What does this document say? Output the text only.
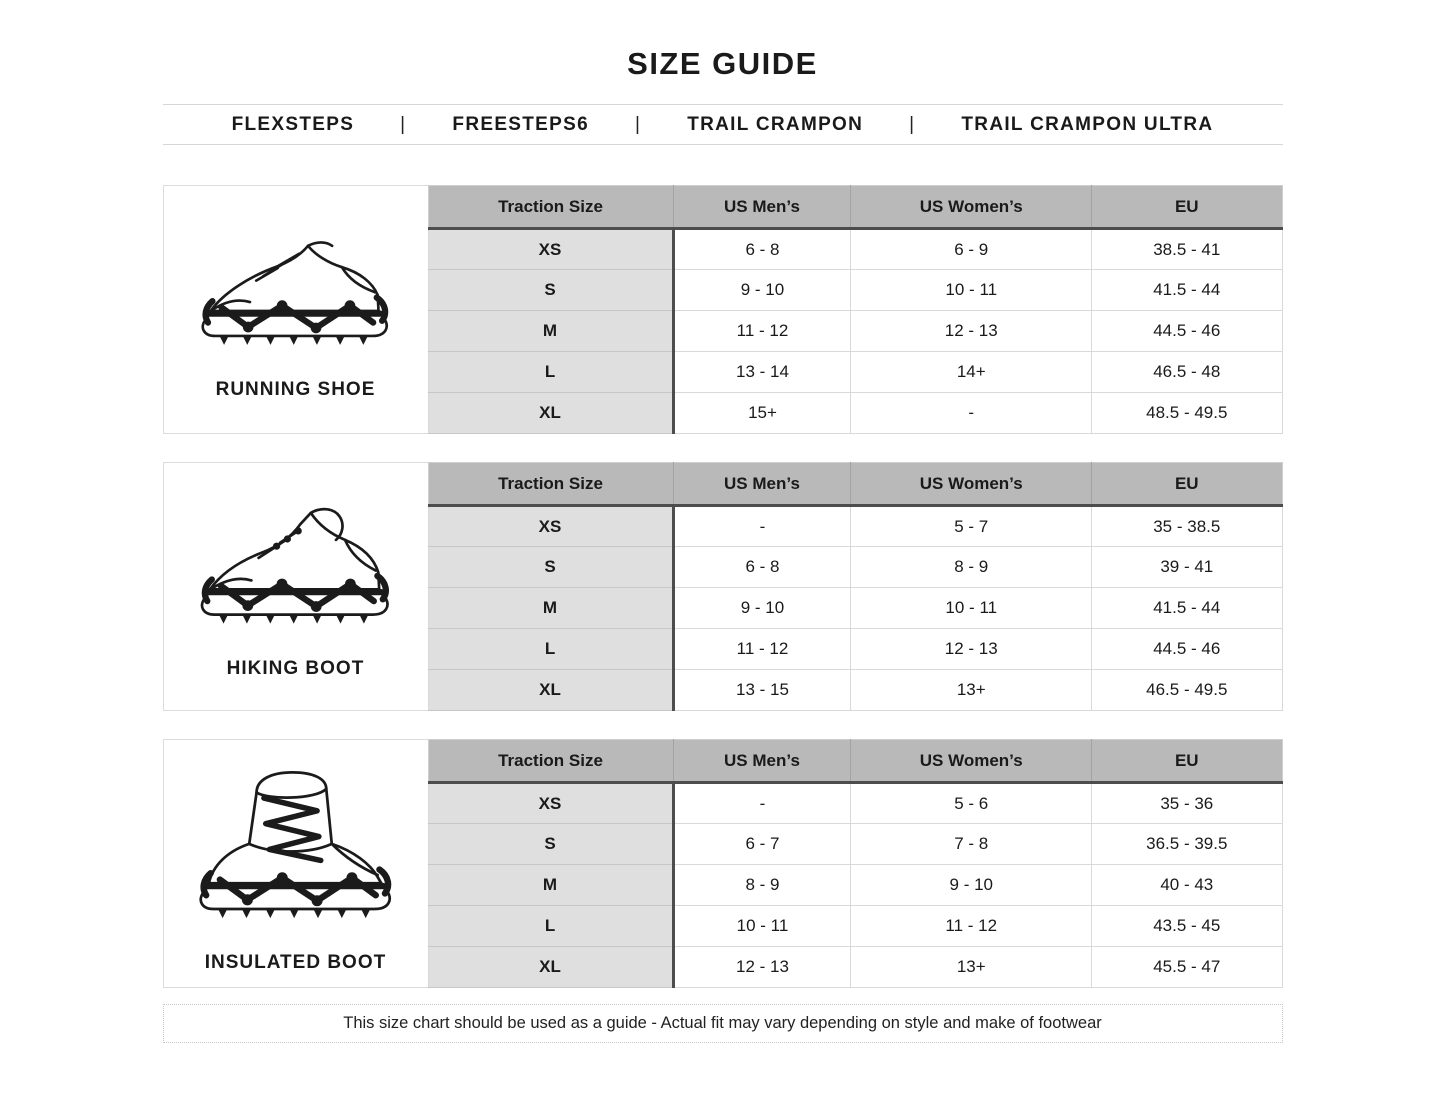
SIZE GUIDE
FLEXSTEPS | FREESTEPS6 | TRAIL CRAMPON | TRAIL CRAMPON ULTRA
RUNNING SHOE
Traction Size	US Men’s	US Women’s	EU
XS	6 - 8	6 - 9	38.5 - 41
S	9 - 10	10 - 11	41.5 - 44
M	11 - 12	12 - 13	44.5 - 46
L	13 - 14	14+	46.5 - 48
XL	15+	-	48.5 - 49.5
HIKING BOOT
Traction Size	US Men’s	US Women’s	EU
XS	-	5 - 7	35 - 38.5
S	6 - 8	8 - 9	39 - 41
M	9 - 10	10 - 11	41.5 - 44
L	11 - 12	12 - 13	44.5 - 46
XL	13 - 15	13+	46.5 - 49.5
INSULATED BOOT
Traction Size	US Men’s	US Women’s	EU
XS	-	5 - 6	35 - 36
S	6 - 7	7 - 8	36.5 - 39.5
M	8 - 9	9 - 10	40 - 43
L	10 - 11	11 - 12	43.5 - 45
XL	12 - 13	13+	45.5 - 47
This size chart should be used as a guide - Actual fit may vary depending on style and make of footwear
